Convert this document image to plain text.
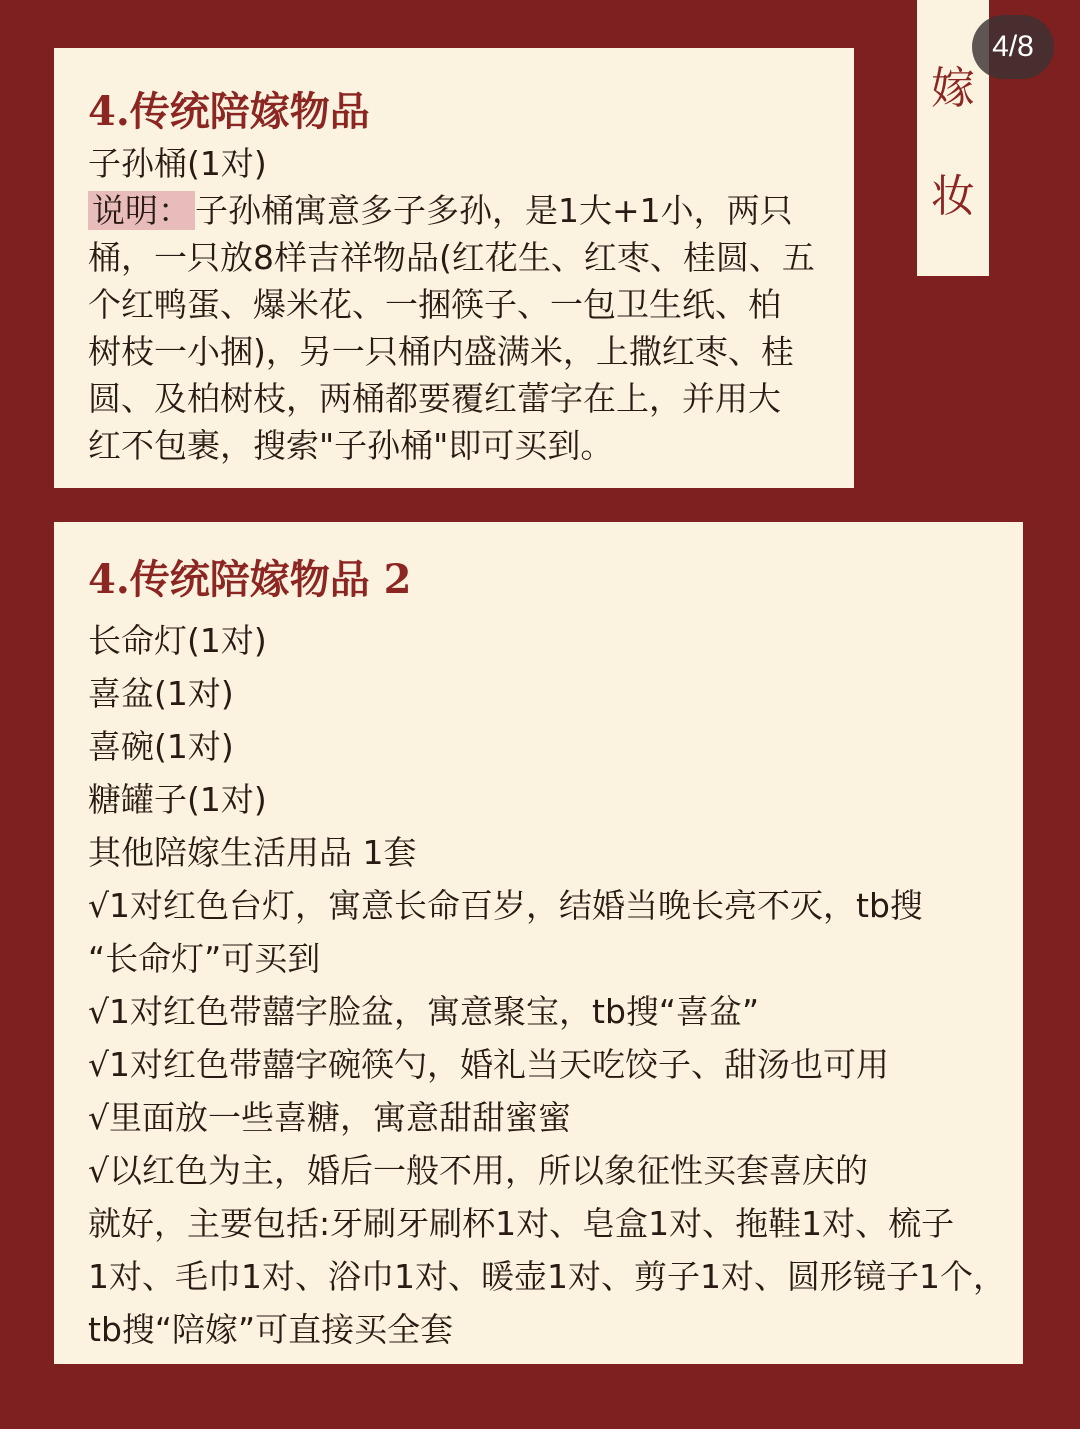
嫁
妆
4/8

4.传统陪嫁物品

子孙桶(1对)

说明： 子孙桶寓意多子多孙，是1大+1小，两只

桶，一只放8样吉祥物品(红花生、红枣、桂圆、五

个红鸭蛋、爆米花、一捆筷子、一包卫生纸、柏

树枝一小捆)，另一只桶内盛满米，上撒红枣、桂

圆、及柏树枝，两桶都要覆红蕾字在上，并用大

红不包裹，搜索"子孙桶"即可买到。

4.传统陪嫁物品 2

长命灯(1对)

喜盆(1对)

喜碗(1对)

糖罐子(1对)

其他陪嫁生活用品 1套

√1对红色台灯，寓意长命百岁，结婚当晚长亮不灭，tb搜

“长命灯”可买到

√1对红色带囍字脸盆，寓意聚宝，tb搜“喜盆”

√1对红色带囍字碗筷勺，婚礼当天吃饺子、甜汤也可用

√里面放一些喜糖，寓意甜甜蜜蜜

√以红色为主，婚后一般不用，所以象征性买套喜庆的

就好，主要包括:牙刷牙刷杯1对、皂盒1对、拖鞋1对、梳子

1对、毛巾1对、浴巾1对、暖壶1对、剪子1对、圆形镜子1个，

tb搜“陪嫁”可直接买全套
